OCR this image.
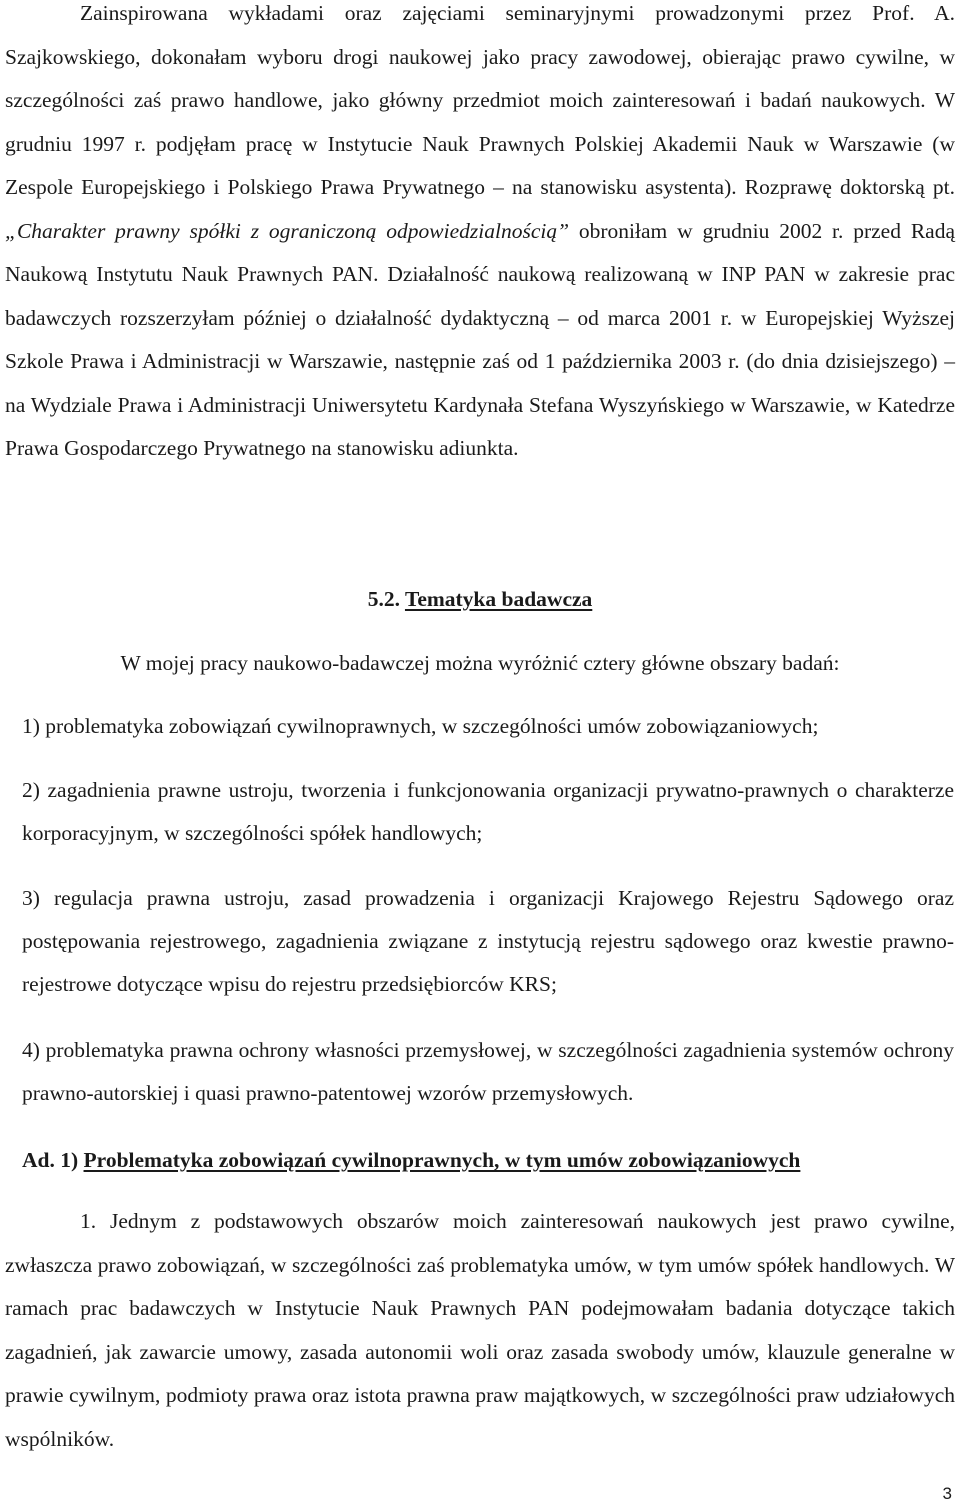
Zainspirowana wykładami oraz zajęciami seminaryjnymi prowadzonymi przez Prof. A. Szajkowskiego, dokonałam wyboru drogi naukowej jako pracy zawodowej, obierając prawo cywilne, w szczególności zaś prawo handlowe, jako główny przedmiot moich zainteresowań i badań naukowych. W grudniu 1997 r. podjęłam pracę w Instytucie Nauk Prawnych Polskiej Akademii Nauk w Warszawie (w Zespole Europejskiego i Polskiego Prawa Prywatnego – na stanowisku asystenta). Rozprawę doktorską pt. „Charakter prawny spółki z ograniczoną odpowiedzialnością” obroniłam w grudniu 2002 r. przed Radą Naukową Instytutu Nauk Prawnych PAN. Działalność naukową realizowaną w INP PAN w zakresie prac badawczych rozszerzyłam później o działalność dydaktyczną – od marca 2001 r. w Europejskiej Wyższej Szkole Prawa i Administracji w Warszawie, następnie zaś od 1 października 2003 r. (do dnia dzisiejszego) – na Wydziale Prawa i Administracji Uniwersytetu Kardynała Stefana Wyszyńskiego w Warszawie, w Katedrze Prawa Gospodarczego Prywatnego na stanowisku adiunkta.
5.2. Tematyka badawcza
W mojej pracy naukowo-badawczej można wyróżnić cztery główne obszary badań:
1) problematyka zobowiązań cywilnoprawnych, w szczególności umów zobowiązaniowych;
2) zagadnienia prawne ustroju, tworzenia i funkcjonowania organizacji prywatno-prawnych o charakterze korporacyjnym, w szczególności spółek handlowych;
3) regulacja prawna ustroju, zasad prowadzenia i organizacji Krajowego Rejestru Sądowego oraz postępowania rejestrowego, zagadnienia związane z instytucją rejestru sądowego oraz kwestie prawno-rejestrowe dotyczące wpisu do rejestru przedsiębiorców KRS;
4) problematyka prawna ochrony własności przemysłowej, w szczególności zagadnienia systemów ochrony prawno-autorskiej i quasi prawno-patentowej wzorów przemysłowych.
Ad. 1) Problematyka zobowiązań cywilnoprawnych, w tym umów zobowiązaniowych
1. Jednym z podstawowych obszarów moich zainteresowań naukowych jest prawo cywilne, zwłaszcza prawo zobowiązań, w szczególności zaś problematyka umów, w tym umów spółek handlowych. W ramach prac badawczych w Instytucie Nauk Prawnych PAN podejmowałam badania dotyczące takich zagadnień, jak zawarcie umowy, zasada autonomii woli oraz zasada swobody umów, klauzule generalne w prawie cywilnym, podmioty prawa oraz istota prawna praw majątkowych, w szczególności praw udziałowych wspólników.
3
